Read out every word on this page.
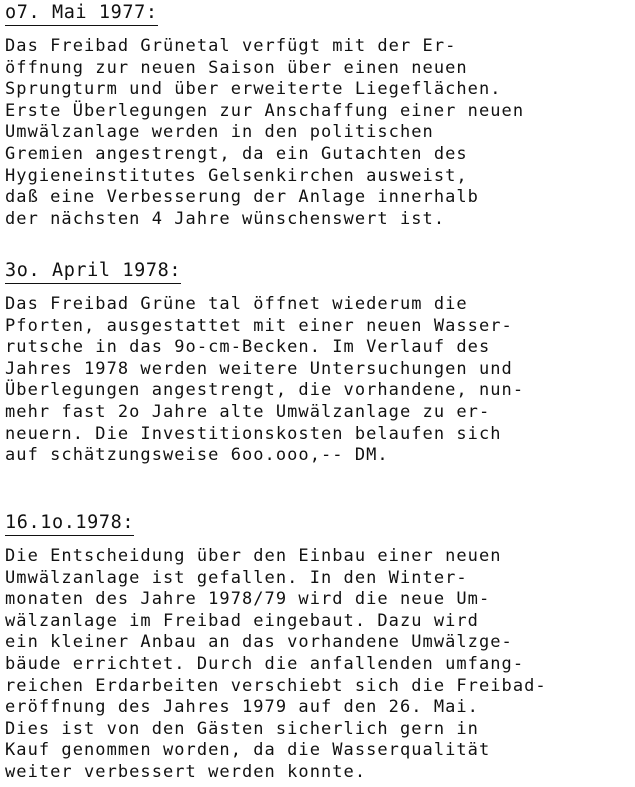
o7. Mai 1977:
Das Freibad Grünetal verfügt mit der Er-
öffnung zur neuen Saison über einen neuen
Sprungturm und über erweiterte Liegeflächen.
Erste Überlegungen zur Anschaffung einer neuen
Umwälzanlage werden in den politischen
Gremien angestrengt, da ein Gutachten des
Hygieneinstitutes Gelsenkirchen ausweist,
daß eine Verbesserung der Anlage innerhalb
der nächsten 4 Jahre wünschenswert ist.
3o. April 1978:
Das Freibad Grüne tal öffnet wiederum die
Pforten, ausgestattet mit einer neuen Wasser-
rutsche in das 9o-cm-Becken. Im Verlauf des
Jahres 1978 werden weitere Untersuchungen und
Überlegungen angestrengt, die vorhandene, nun-
mehr fast 2o Jahre alte Umwälzanlage zu er-
neuern. Die Investitionskosten belaufen sich
auf schätzungsweise 6oo.ooo,-- DM.
16.1o.1978:
Die Entscheidung über den Einbau einer neuen
Umwälzanlage ist gefallen. In den Winter-
monaten des Jahre 1978/79 wird die neue Um-
wälzanlage im Freibad eingebaut. Dazu wird
ein kleiner Anbau an das vorhandene Umwälzge-
bäude errichtet. Durch die anfallenden umfang-
reichen Erdarbeiten verschiebt sich die Freibad-
eröffnung des Jahres 1979 auf den 26. Mai.
Dies ist von den Gästen sicherlich gern in
Kauf genommen worden, da die Wasserqualität
weiter verbessert werden konnte.
